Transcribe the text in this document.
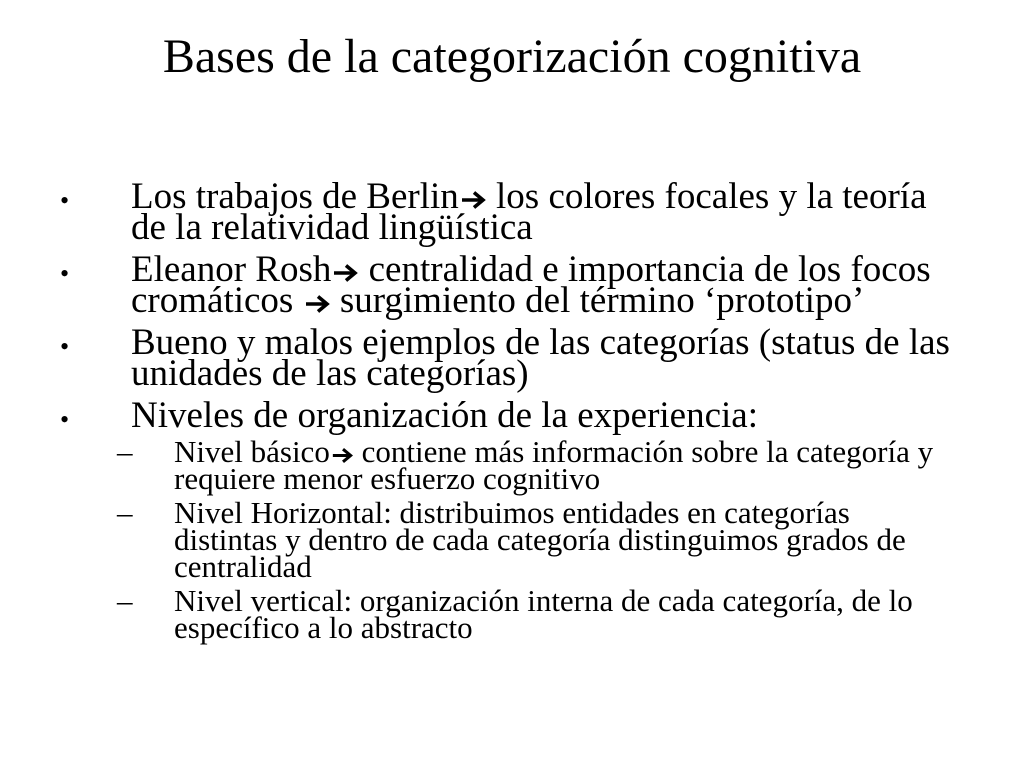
Bases de la categorización cognitiva
• Los trabajos de Berlin los colores focales y la teoría
de la relatividad lingüística
• Eleanor Rosh centralidad e importancia de los focos
cromáticos  surgimiento del término ‘prototipo’
• Bueno y malos ejemplos de las categorías (status de las
unidades de las categorías)
• Niveles de organización de la experiencia:
– Nivel básico contiene más información sobre la categoría y
requiere menor esfuerzo cognitivo
– Nivel Horizontal: distribuimos entidades en categorías
distintas y dentro de cada categoría distinguimos grados de
centralidad
– Nivel vertical: organización interna de cada categoría, de lo
específico a lo abstracto
